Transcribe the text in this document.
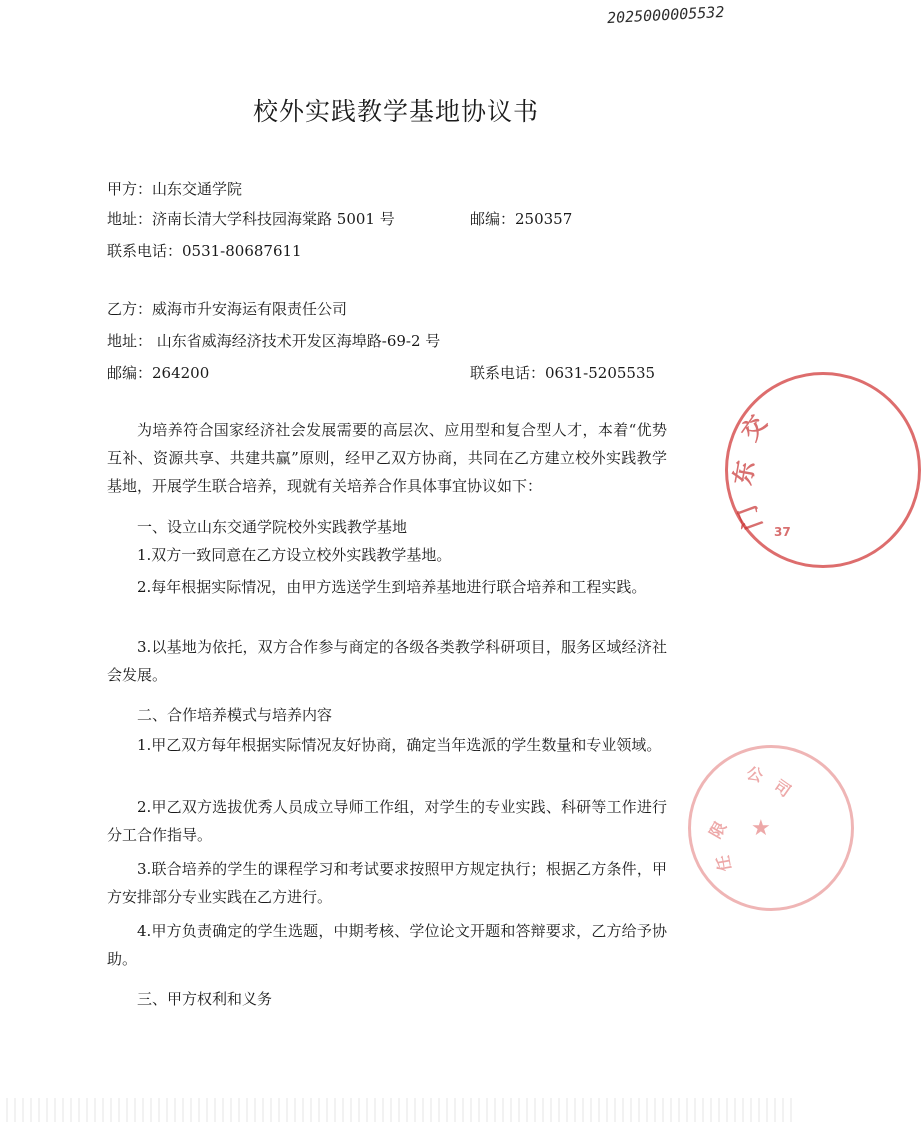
2025000005532
校外实践教学基地协议书
甲方：山东交通学院
地址：济南长清大学科技园海棠路 5001 号	邮编：250357
联系电话：0531-80687611
乙方：威海市升安海运有限责任公司
地址： 山东省威海经济技术开发区海埠路-69-2 号
邮编：264200	联系电话：0631-5205535
为培养符合国家经济社会发展需要的高层次、应用型和复合型人才，本着“优势互补、资源共享、共建共赢”原则，经甲乙双方协商，共同在乙方建立校外实践教学基地，开展学生联合培养，现就有关培养合作具体事宜协议如下：
一、设立山东交通学院校外实践教学基地
1.双方一致同意在乙方设立校外实践教学基地。
2.每年根据实际情况，由甲方选送学生到培养基地进行联合培养和工程实践。
3.以基地为依托，双方合作参与商定的各级各类教学科研项目，服务区域经济社会发展。
二、合作培养模式与培养内容
1.甲乙双方每年根据实际情况友好协商，确定当年选派的学生数量和专业领域。
2.甲乙双方选拔优秀人员成立导师工作组，对学生的专业实践、科研等工作进行分工合作指导。
3.联合培养的学生的课程学习和考试要求按照甲方规定执行；根据乙方条件，甲方安排部分专业实践在乙方进行。
4.甲方负责确定的学生选题，中期考核、学位论文开题和答辩要求，乙方给予协助。
三、甲方权利和义务
交
东
门 37
公
司
限
任
★
